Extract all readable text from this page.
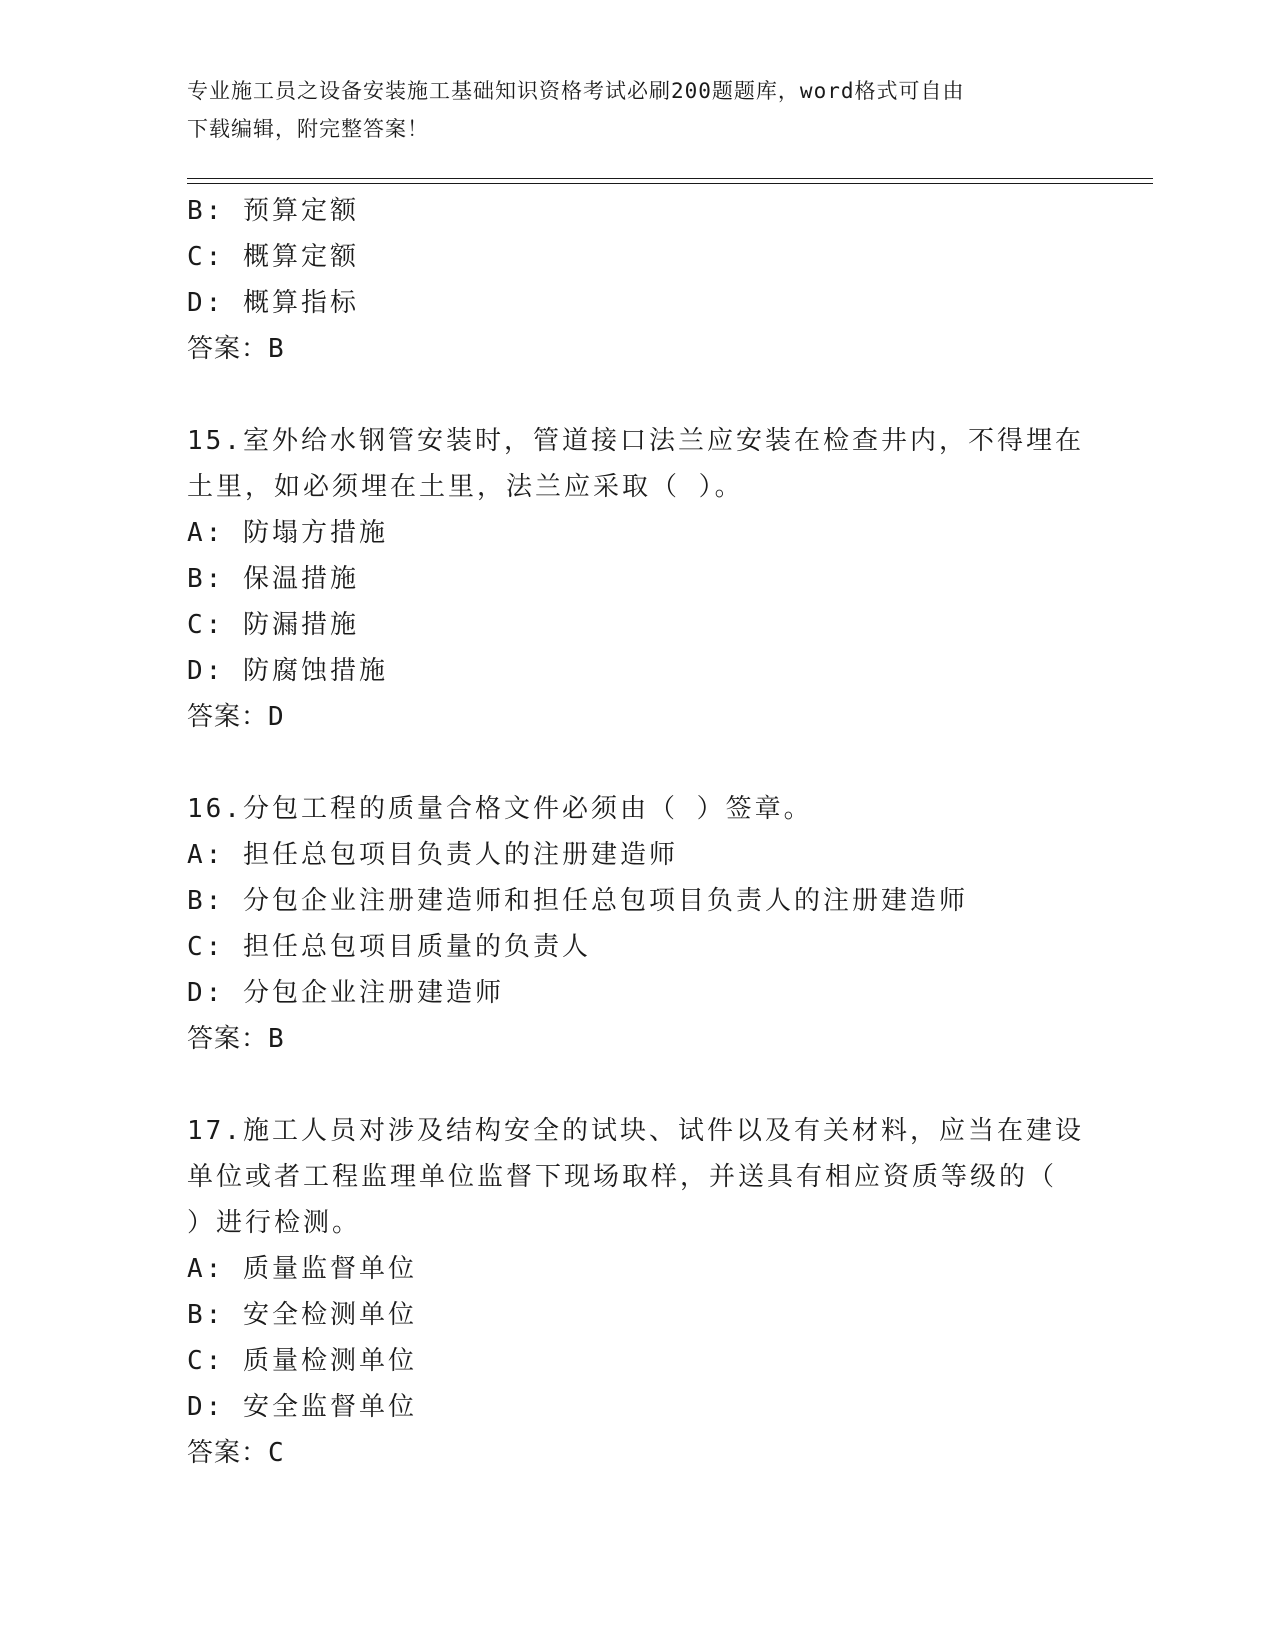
专业施工员之设备安装施工基础知识资格考试必刷200题题库，word格式可自由
下载编辑，附完整答案！
B: 预算定额
C: 概算定额
D: 概算指标
答案：B
15.室外给水钢管安装时，管道接口法兰应安装在检查井内，不得埋在
土里，如必须埋在土里，法兰应采取（ ）。
A: 防塌方措施
B: 保温措施
C: 防漏措施
D: 防腐蚀措施
答案：D
16.分包工程的质量合格文件必须由（ ）签章。
A: 担任总包项目负责人的注册建造师
B: 分包企业注册建造师和担任总包项目负责人的注册建造师
C: 担任总包项目质量的负责人
D: 分包企业注册建造师
答案：B
17.施工人员对涉及结构安全的试块、试件以及有关材料，应当在建设
单位或者工程监理单位监督下现场取样，并送具有相应资质等级的（
）进行检测。
A: 质量监督单位
B: 安全检测单位
C: 质量检测单位
D: 安全监督单位
答案：C
